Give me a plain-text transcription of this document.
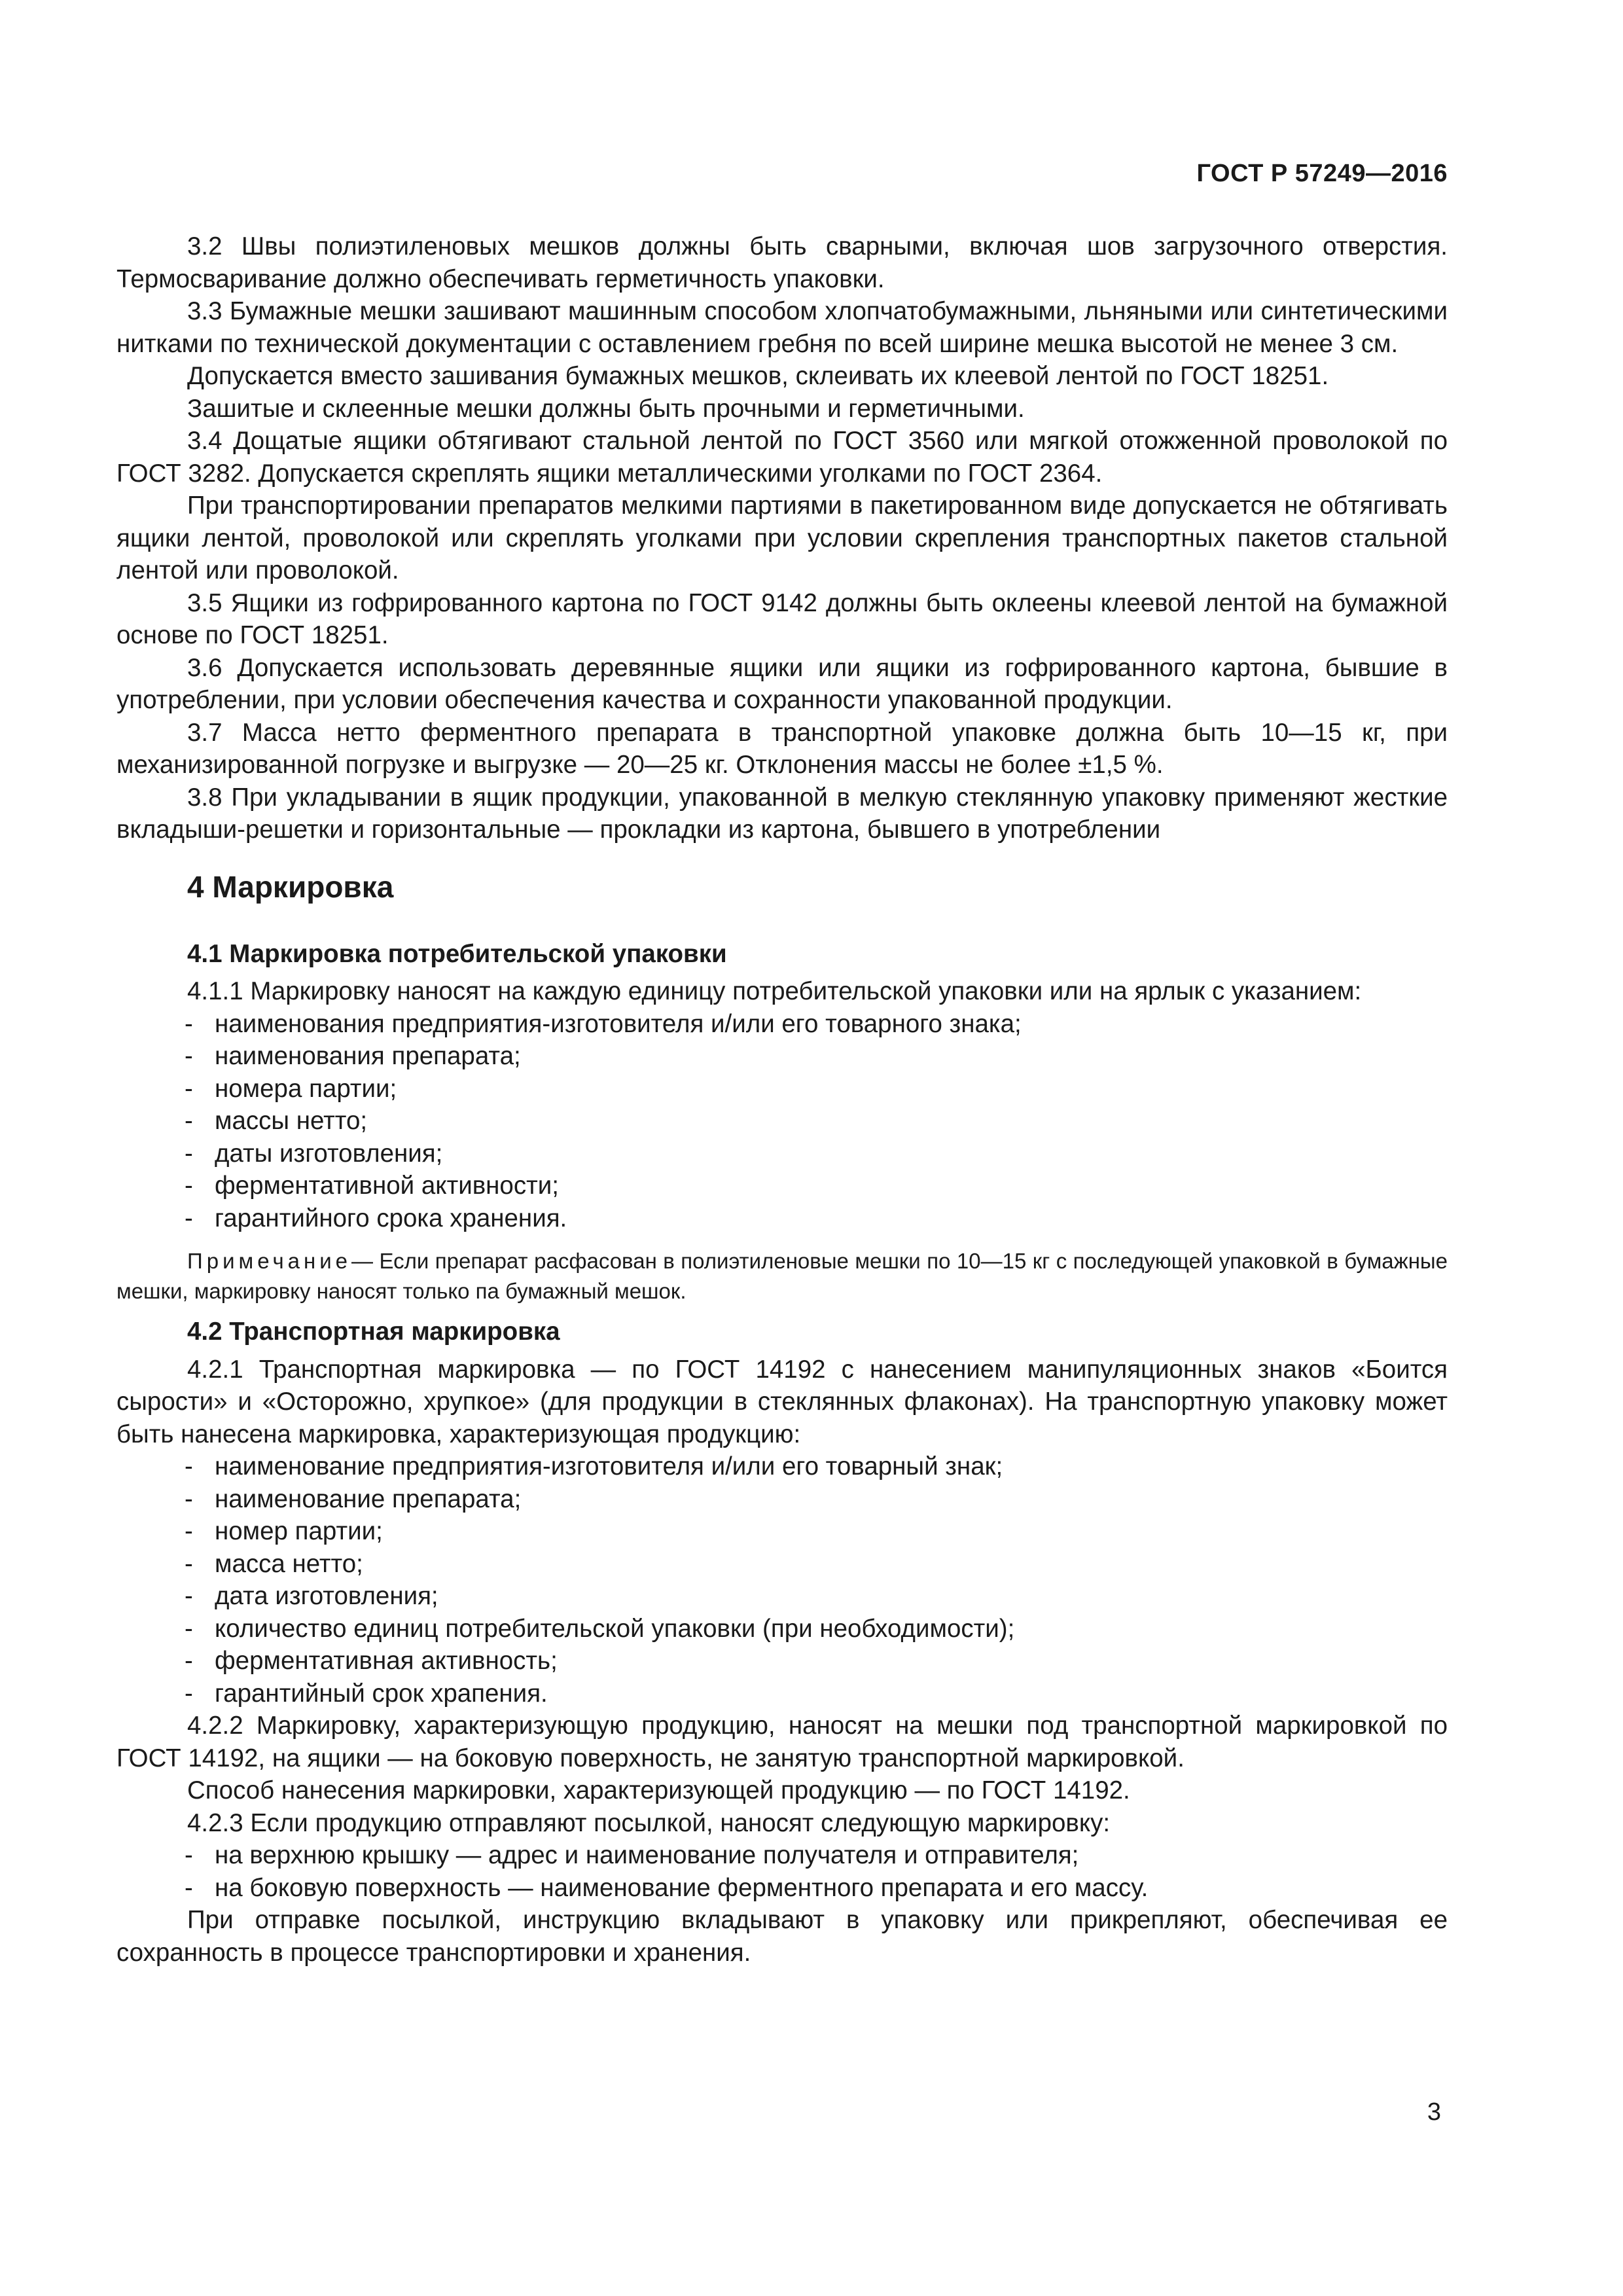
ГОСТ Р 57249—2016

3.2 Швы полиэтиленовых мешков должны быть сварными, включая шов загрузочного отверстия. Термосваривание должно обеспечивать герметичность упаковки.

3.3 Бумажные мешки зашивают машинным способом хлопчатобумажными, льняными или синтетическими нитками по технической документации с оставлением гребня по всей ширине мешка высотой не менее 3 см.

Допускается вместо зашивания бумажных мешков, склеивать их клеевой лентой по ГОСТ 18251.

Зашитые и склеенные мешки должны быть прочными и герметичными.

3.4 Дощатые ящики обтягивают стальной лентой по ГОСТ 3560 или мягкой отожженной проволокой по ГОСТ 3282. Допускается скреплять ящики металлическими уголками по ГОСТ 2364.

При транспортировании препаратов мелкими партиями в пакетированном виде допускается не обтягивать ящики лентой, проволокой или скреплять уголками при условии скрепления транспортных пакетов стальной лентой или проволокой.

3.5 Ящики из гофрированного картона по ГОСТ 9142 должны быть оклеены клеевой лентой на бумажной основе по ГОСТ 18251.

3.6 Допускается использовать деревянные ящики или ящики из гофрированного картона, бывшие в употреблении, при условии обеспечения качества и сохранности упакованной продукции.

3.7 Масса нетто ферментного препарата в транспортной упаковке должна быть 10—15 кг, при механизированной погрузке и выгрузке — 20—25 кг. Отклонения массы не более ±1,5 %.

3.8 При укладывании в ящик продукции, упакованной в мелкую стеклянную упаковку применяют жесткие вкладыши-решетки и горизонтальные — прокладки из картона, бывшего в употреблении

4 Маркировка
4.1 Маркировка потребительской упаковки

4.1.1 Маркировку наносят на каждую единицу потребительской упаковки или на ярлык с указанием:

- наименования предприятия-изготовителя и/или его товарного знака;
- наименования препарата;
- номера партии;
- массы нетто;
- даты изготовления;
- ферментативной активности;
- гарантийного срока хранения.
Примечание— Если препарат расфасован в полиэтиленовые мешки по 10—15 кг с последующей упаковкой в бумажные мешки, маркировку наносят только па бумажный мешок.
4.2 Транспортная маркировка

4.2.1 Транспортная маркировка — по ГОСТ 14192 с нанесением манипуляционных знаков «Боится сырости» и «Осторожно, хрупкое» (для продукции в стеклянных флаконах). На транспортную упаковку может быть нанесена маркировка, характеризующая продукцию:

- наименование предприятия-изготовителя и/или его товарный знак;
- наименование препарата;
- номер партии;
- масса нетто;
- дата изготовления;
- количество единиц потребительской упаковки (при необходимости);
- ферментативная активность;
- гарантийный срок храпения.

4.2.2 Маркировку, характеризующую продукцию, наносят на мешки под транспортной маркировкой по ГОСТ 14192, на ящики — на боковую поверхность, не занятую транспортной маркировкой.

Способ нанесения маркировки, характеризующей продукцию — по ГОСТ 14192.

4.2.3 Если продукцию отправляют посылкой, наносят следующую маркировку:

- на верхнюю крышку — адрес и наименование получателя и отправителя;
- на боковую поверхность — наименование ферментного препарата и его массу.

При отправке посылкой, инструкцию вкладывают в упаковку или прикрепляют, обеспечивая ее сохранность в процессе транспортировки и хранения.

3
